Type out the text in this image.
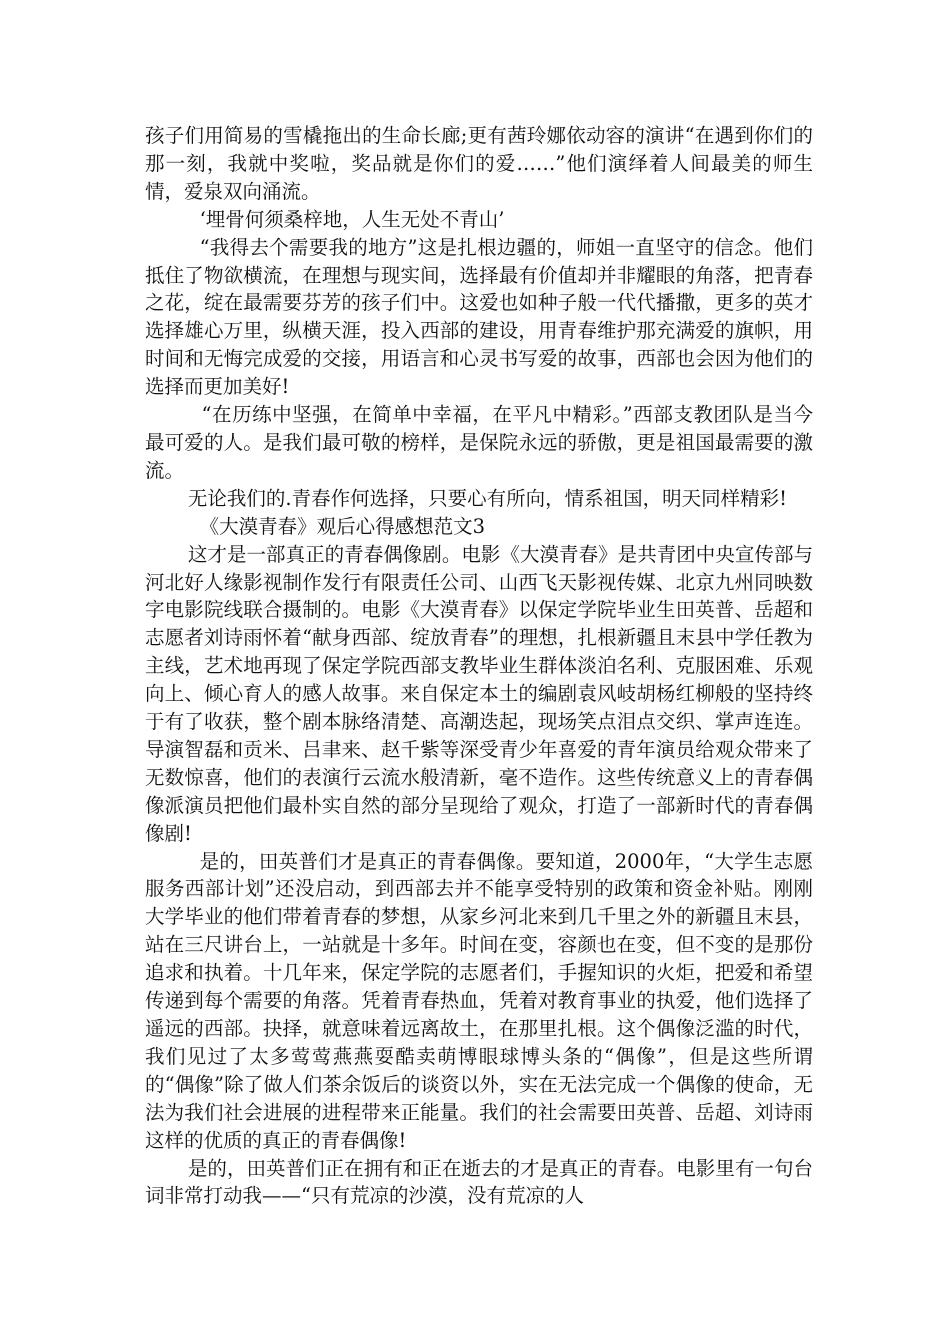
孩子们用简易的雪橇拖出的生命长廊;更有茜玲娜依动容的演讲“在遇到你们的那一刻，我就中奖啦，奖品就是你们的爱……”他们演绎着人间最美的师生情，爱泉双向涌流。

‘埋骨何须桑梓地，人生无处不青山’

“我得去个需要我的地方”这是扎根边疆的，师姐一直坚守的信念。他们抵住了物欲横流，在理想与现实间，选择最有价值却并非耀眼的角落，把青春之花，绽在最需要芬芳的孩子们中。这爱也如种子般一代代播撒，更多的英才选择雄心万里，纵横天涯，投入西部的建设，用青春维护那充满爱的旗帜，用时间和无悔完成爱的交接，用语言和心灵书写爱的故事，西部也会因为他们的选择而更加美好!

“在历练中坚强，在简单中幸福，在平凡中精彩。”西部支教团队是当今最可爱的人。是我们最可敬的榜样，是保院永远的骄傲，更是祖国最需要的激流。

无论我们的.青春作何选择，只要心有所向，情系祖国，明天同样精彩!

《大漠青春》观后心得感想范文3

这才是一部真正的青春偶像剧。电影《大漠青春》是共青团中央宣传部与河北好人缘影视制作发行有限责任公司、山西飞天影视传媒、北京九州同映数字电影院线联合摄制的。电影《大漠青春》以保定学院毕业生田英普、岳超和志愿者刘诗雨怀着“献身西部、绽放青春”的理想，扎根新疆且末县中学任教为主线，艺术地再现了保定学院西部支教毕业生群体淡泊名利、克服困难、乐观向上、倾心育人的感人故事。来自保定本土的编剧袁风岐胡杨红柳般的坚持终于有了收获，整个剧本脉络清楚、高潮迭起，现场笑点泪点交织、掌声连连。导演智磊和贡米、吕聿来、赵千紫等深受青少年喜爱的青年演员给观众带来了无数惊喜，他们的表演行云流水般清新，毫不造作。这些传统意义上的青春偶像派演员把他们最朴实自然的部分呈现给了观众，打造了一部新时代的青春偶像剧!

是的，田英普们才是真正的青春偶像。要知道，2000年，“大学生志愿服务西部计划”还没启动，到西部去并不能享受特别的政策和资金补贴。刚刚大学毕业的他们带着青春的梦想，从家乡河北来到几千里之外的新疆且末县，站在三尺讲台上，一站就是十多年。时间在变，容颜也在变，但不变的是那份追求和执着。十几年来，保定学院的志愿者们，手握知识的火炬，把爱和希望传递到每个需要的角落。凭着青春热血，凭着对教育事业的执爱，他们选择了遥远的西部。抉择，就意味着远离故土，在那里扎根。这个偶像泛滥的时代，我们见过了太多莺莺燕燕耍酷卖萌博眼球博头条的“偶像”，但是这些所谓的“偶像”除了做人们茶余饭后的谈资以外，实在无法完成一个偶像的使命，无法为我们社会进展的进程带来正能量。我们的社会需要田英普、岳超、刘诗雨这样的优质的真正的青春偶像!

是的，田英普们正在拥有和正在逝去的才是真正的青春。电影里有一句台词非常打动我——“只有荒凉的沙漠，没有荒凉的人
